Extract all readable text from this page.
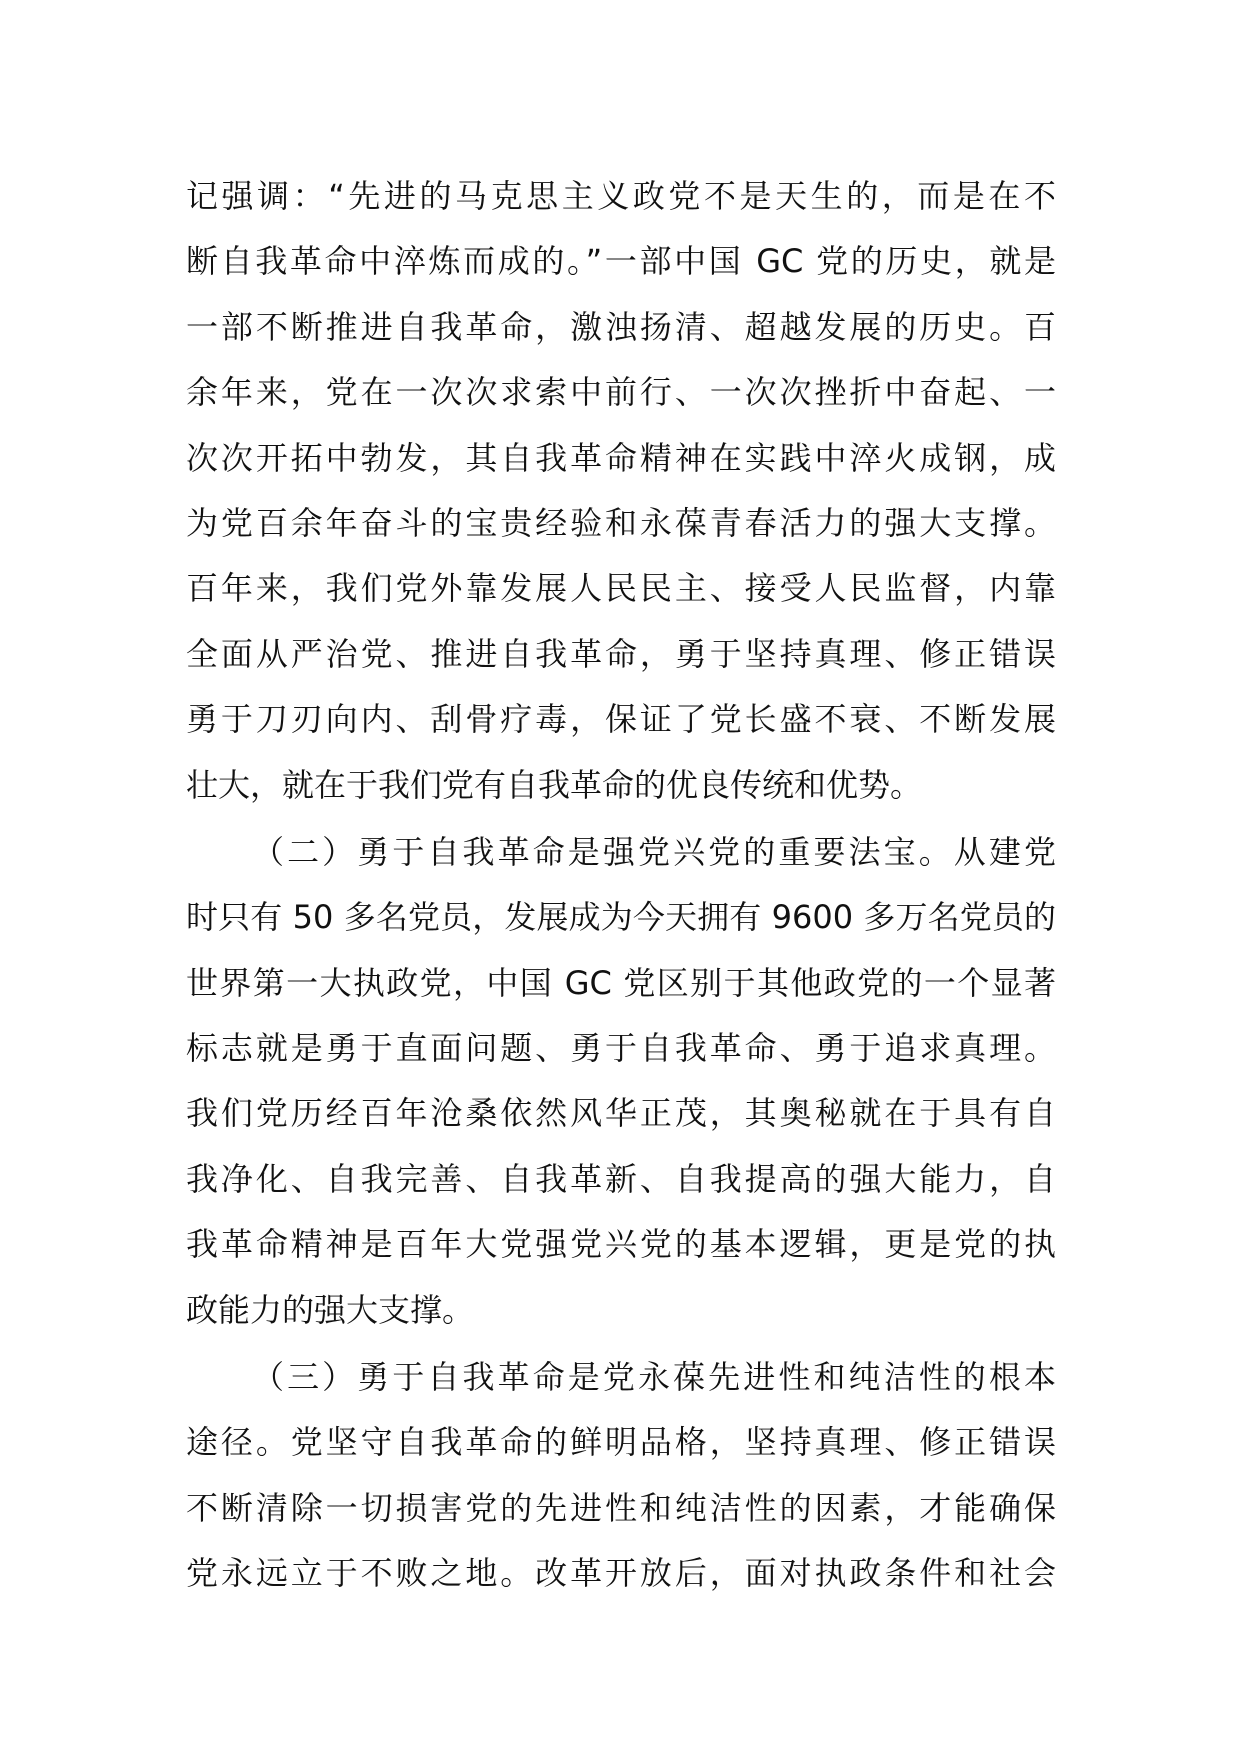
记强调：“先进的马克思主义政党不是天生的，而是在不
断自我革命中淬炼而成的。”一部中国 GC 党的历史，就是
一部不断推进自我革命，激浊扬清、超越发展的历史。百
余年来，党在一次次求索中前行、一次次挫折中奋起、一
次次开拓中勃发，其自我革命精神在实践中淬火成钢，成
为党百余年奋斗的宝贵经验和永葆青春活力的强大支撑。
百年来，我们党外靠发展人民民主、接受人民监督，内靠
全面从严治党、推进自我革命，勇于坚持真理、修正错误
勇于刀刃向内、刮骨疗毒，保证了党长盛不衰、不断发展
壮大，就在于我们党有自我革命的优良传统和优势。
（二）勇于自我革命是强党兴党的重要法宝。从建党
时只有 50 多名党员，发展成为今天拥有 9600 多万名党员的
世界第一大执政党，中国 GC 党区别于其他政党的一个显著
标志就是勇于直面问题、勇于自我革命、勇于追求真理。
我们党历经百年沧桑依然风华正茂，其奥秘就在于具有自
我净化、自我完善、自我革新、自我提高的强大能力，自
我革命精神是百年大党强党兴党的基本逻辑，更是党的执
政能力的强大支撑。
（三）勇于自我革命是党永葆先进性和纯洁性的根本
途径。党坚守自我革命的鲜明品格，坚持真理、修正错误
不断清除一切损害党的先进性和纯洁性的因素，才能确保
党永远立于不败之地。改革开放后，面对执政条件和社会
